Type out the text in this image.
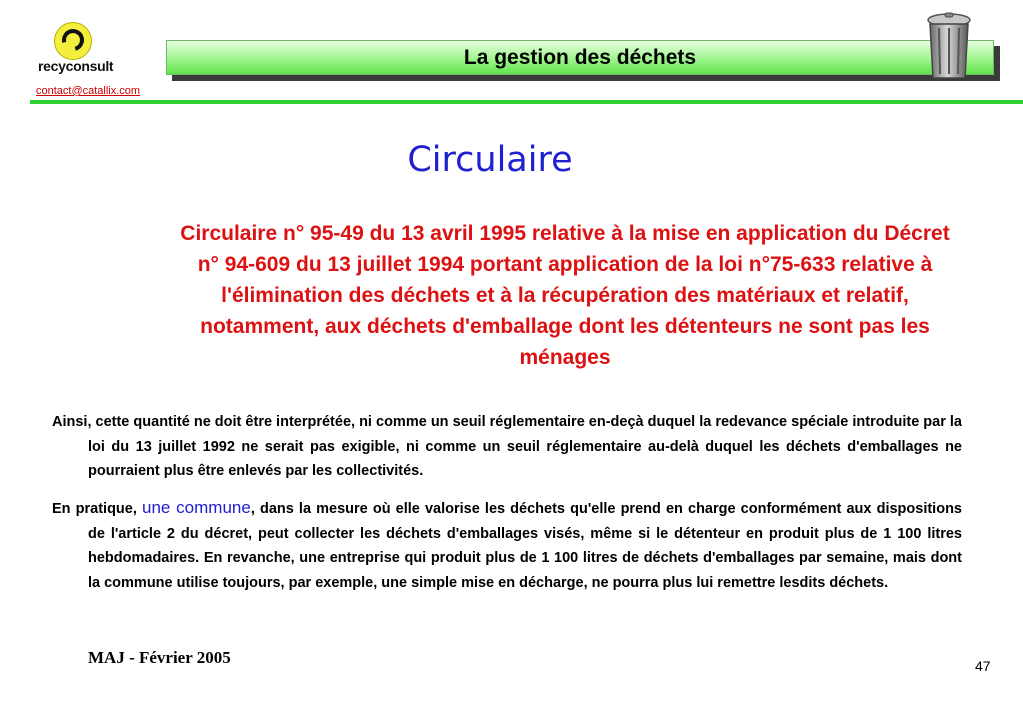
recyconsult
contact@catallix.com
La gestion des déchets
Circulaire
Circulaire n° 95-49 du 13 avril 1995 relative à la mise en application du Décret n° 94-609 du 13 juillet 1994 portant application de la loi n°75-633 relative à l'élimination des déchets et à la récupération des matériaux et relatif, notamment, aux déchets d'emballage dont les détenteurs ne sont pas les ménages
Ainsi, cette quantité ne doit être interprétée, ni comme un seuil réglementaire en-deçà duquel la redevance spéciale introduite par la loi du 13 juillet 1992 ne serait pas exigible, ni comme un seuil réglementaire au-delà duquel les déchets d'emballages ne pourraient plus être enlevés par les collectivités.
En pratique, une commune, dans la mesure où elle valorise les déchets qu'elle prend en charge conformément aux dispositions de l'article 2 du décret, peut collecter les déchets d'emballages visés, même si le détenteur en produit plus de 1 100 litres hebdomadaires. En revanche, une entreprise qui produit plus de 1 100 litres de déchets d'emballages par semaine, mais dont la commune utilise toujours, par exemple, une simple mise en décharge, ne pourra plus lui remettre lesdits déchets.
MAJ - Février 2005	47
